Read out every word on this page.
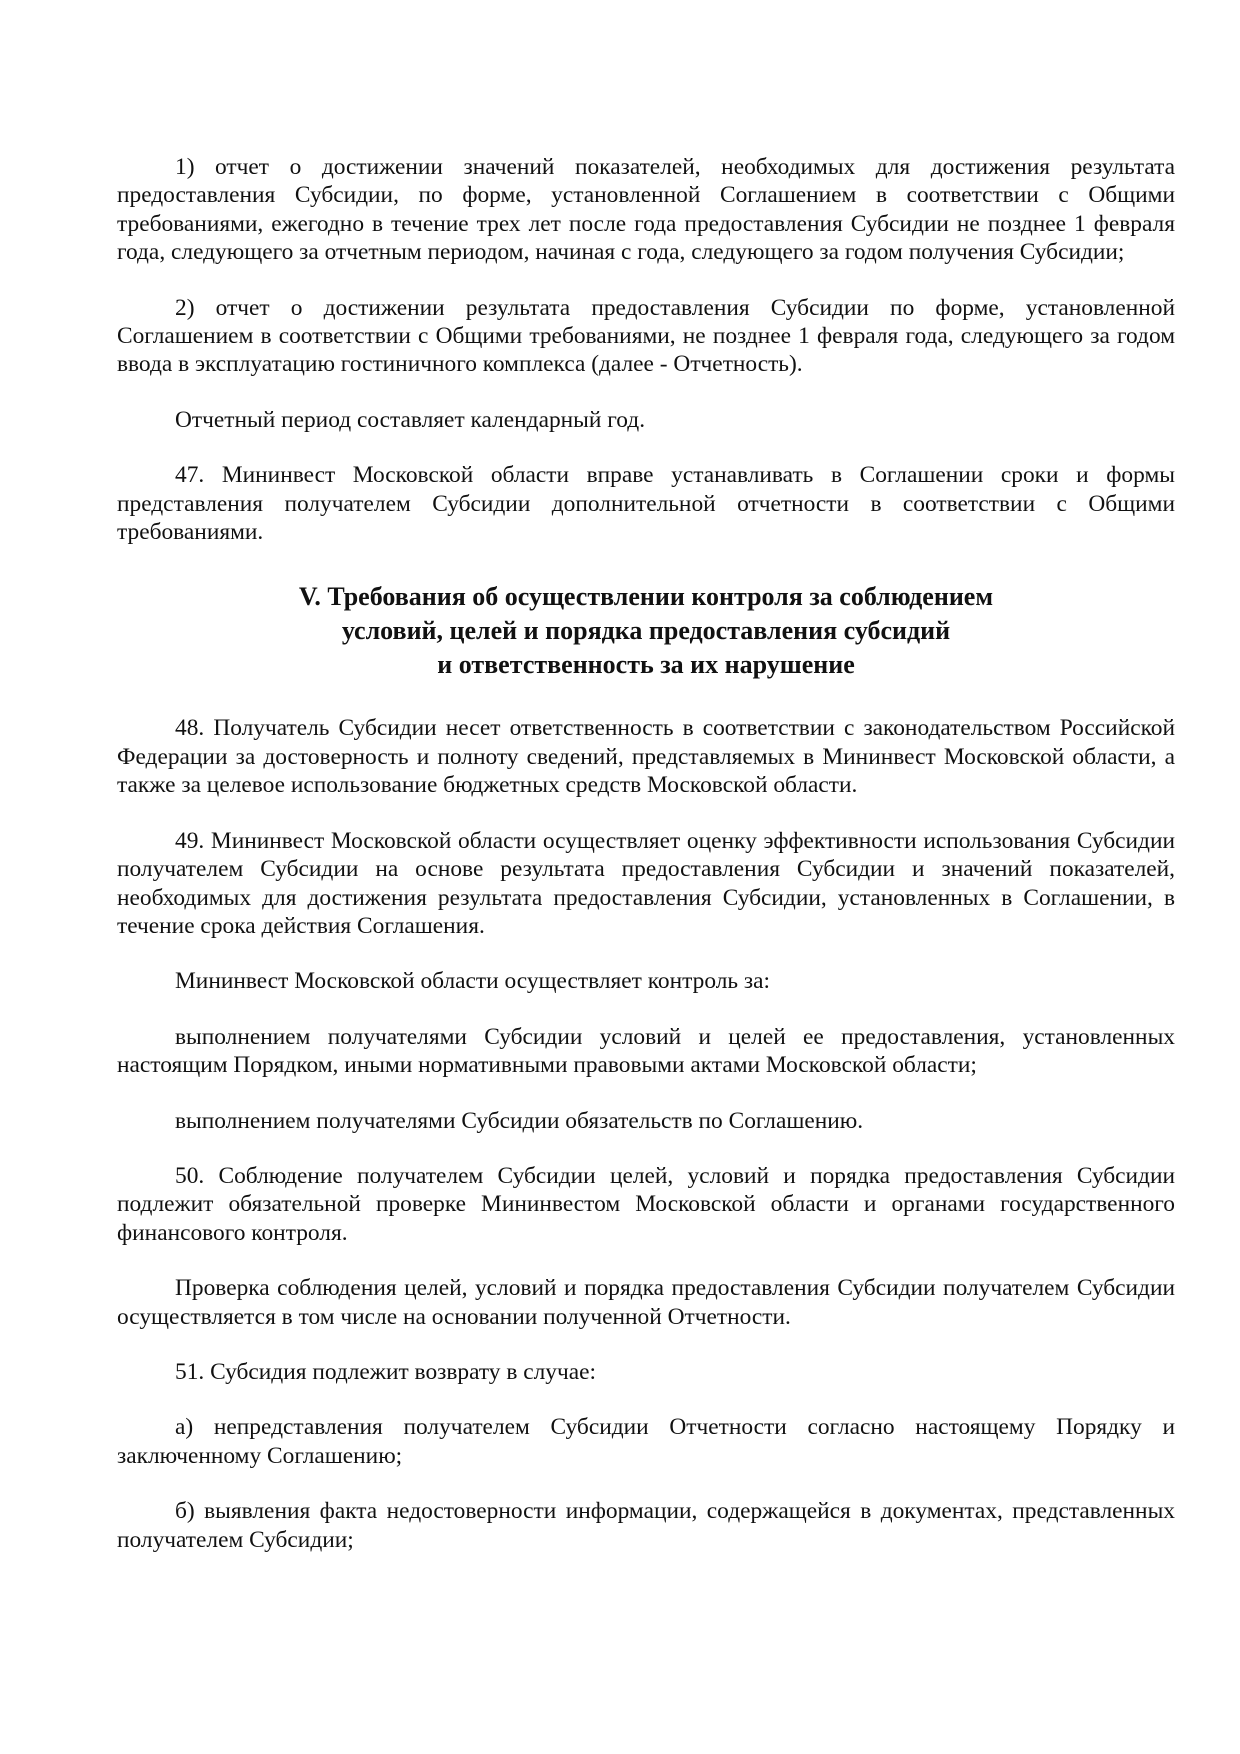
1) отчет о достижении значений показателей, необходимых для достижения результата предоставления Субсидии, по форме, установленной Соглашением в соответствии с Общими требованиями, ежегодно в течение трех лет после года предоставления Субсидии не позднее 1 февраля года, следующего за отчетным периодом, начиная с года, следующего за годом получения Субсидии;

2) отчет о достижении результата предоставления Субсидии по форме, установленной Соглашением в соответствии с Общими требованиями, не позднее 1 февраля года, следующего за годом ввода в эксплуатацию гостиничного комплекса (далее - Отчетность).

Отчетный период составляет календарный год.

47. Мининвест Московской области вправе устанавливать в Соглашении сроки и формы представления получателем Субсидии дополнительной отчетности в соответствии с Общими требованиями.

V. Требования об осуществлении контроля за соблюдением
условий, целей и порядка предоставления субсидий
и ответственность за их нарушение

48. Получатель Субсидии несет ответственность в соответствии с законодательством Российской Федерации за достоверность и полноту сведений, представляемых в Мининвест Московской области, а также за целевое использование бюджетных средств Московской области.

49. Мининвест Московской области осуществляет оценку эффективности использования Субсидии получателем Субсидии на основе результата предоставления Субсидии и значений показателей, необходимых для достижения результата предоставления Субсидии, установленных в Соглашении, в течение срока действия Соглашения.

Мининвест Московской области осуществляет контроль за:

выполнением получателями Субсидии условий и целей ее предоставления, установленных настоящим Порядком, иными нормативными правовыми актами Московской области;

выполнением получателями Субсидии обязательств по Соглашению.

50. Соблюдение получателем Субсидии целей, условий и порядка предоставления Субсидии подлежит обязательной проверке Мининвестом Московской области и органами государственного финансового контроля.

Проверка соблюдения целей, условий и порядка предоставления Субсидии получателем Субсидии осуществляется в том числе на основании полученной Отчетности.

51. Субсидия подлежит возврату в случае:

а) непредставления получателем Субсидии Отчетности согласно настоящему Порядку и заключенному Соглашению;

б) выявления факта недостоверности информации, содержащейся в документах, представленных получателем Субсидии;
